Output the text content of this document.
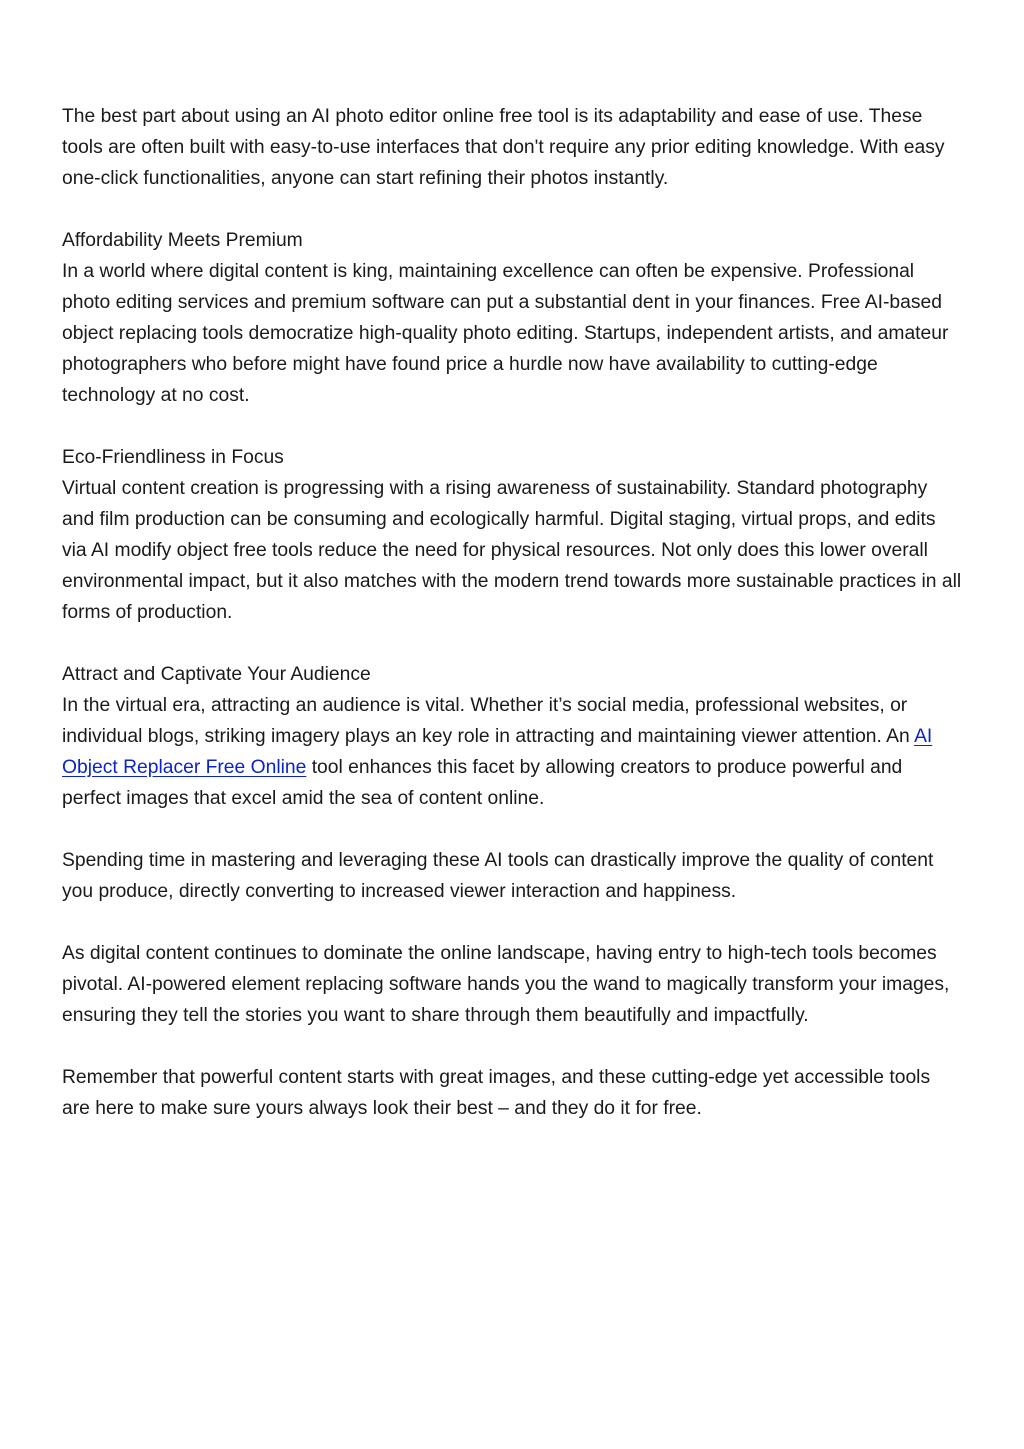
The best part about using an AI photo editor online free tool is its adaptability and ease of use. These tools are often built with easy-to-use interfaces that don't require any prior editing knowledge. With easy one-click functionalities, anyone can start refining their photos instantly.

Affordability Meets Premium

In a world where digital content is king, maintaining excellence can often be expensive. Professional photo editing services and premium software can put a substantial dent in your finances. Free AI-based object replacing tools democratize high-quality photo editing. Startups, independent artists, and amateur photographers who before might have found price a hurdle now have availability to cutting-edge technology at no cost.

Eco-Friendliness in Focus

Virtual content creation is progressing with a rising awareness of sustainability. Standard photography and film production can be consuming and ecologically harmful. Digital staging, virtual props, and edits via AI modify object free tools reduce the need for physical resources. Not only does this lower overall environmental impact, but it also matches with the modern trend towards more sustainable practices in all forms of production.

Attract and Captivate Your Audience

In the virtual era, attracting an audience is vital. Whether it’s social media, professional websites, or individual blogs, striking imagery plays an key role in attracting and maintaining viewer attention. An AI Object Replacer Free Online tool enhances this facet by allowing creators to produce powerful and perfect images that excel amid the sea of content online.

Spending time in mastering and leveraging these AI tools can drastically improve the quality of content you produce, directly converting to increased viewer interaction and happiness.

As digital content continues to dominate the online landscape, having entry to high-tech tools becomes pivotal. AI-powered element replacing software hands you the wand to magically transform your images, ensuring they tell the stories you want to share through them beautifully and impactfully.

Remember that powerful content starts with great images, and these cutting-edge yet accessible tools are here to make sure yours always look their best – and they do it for free.
